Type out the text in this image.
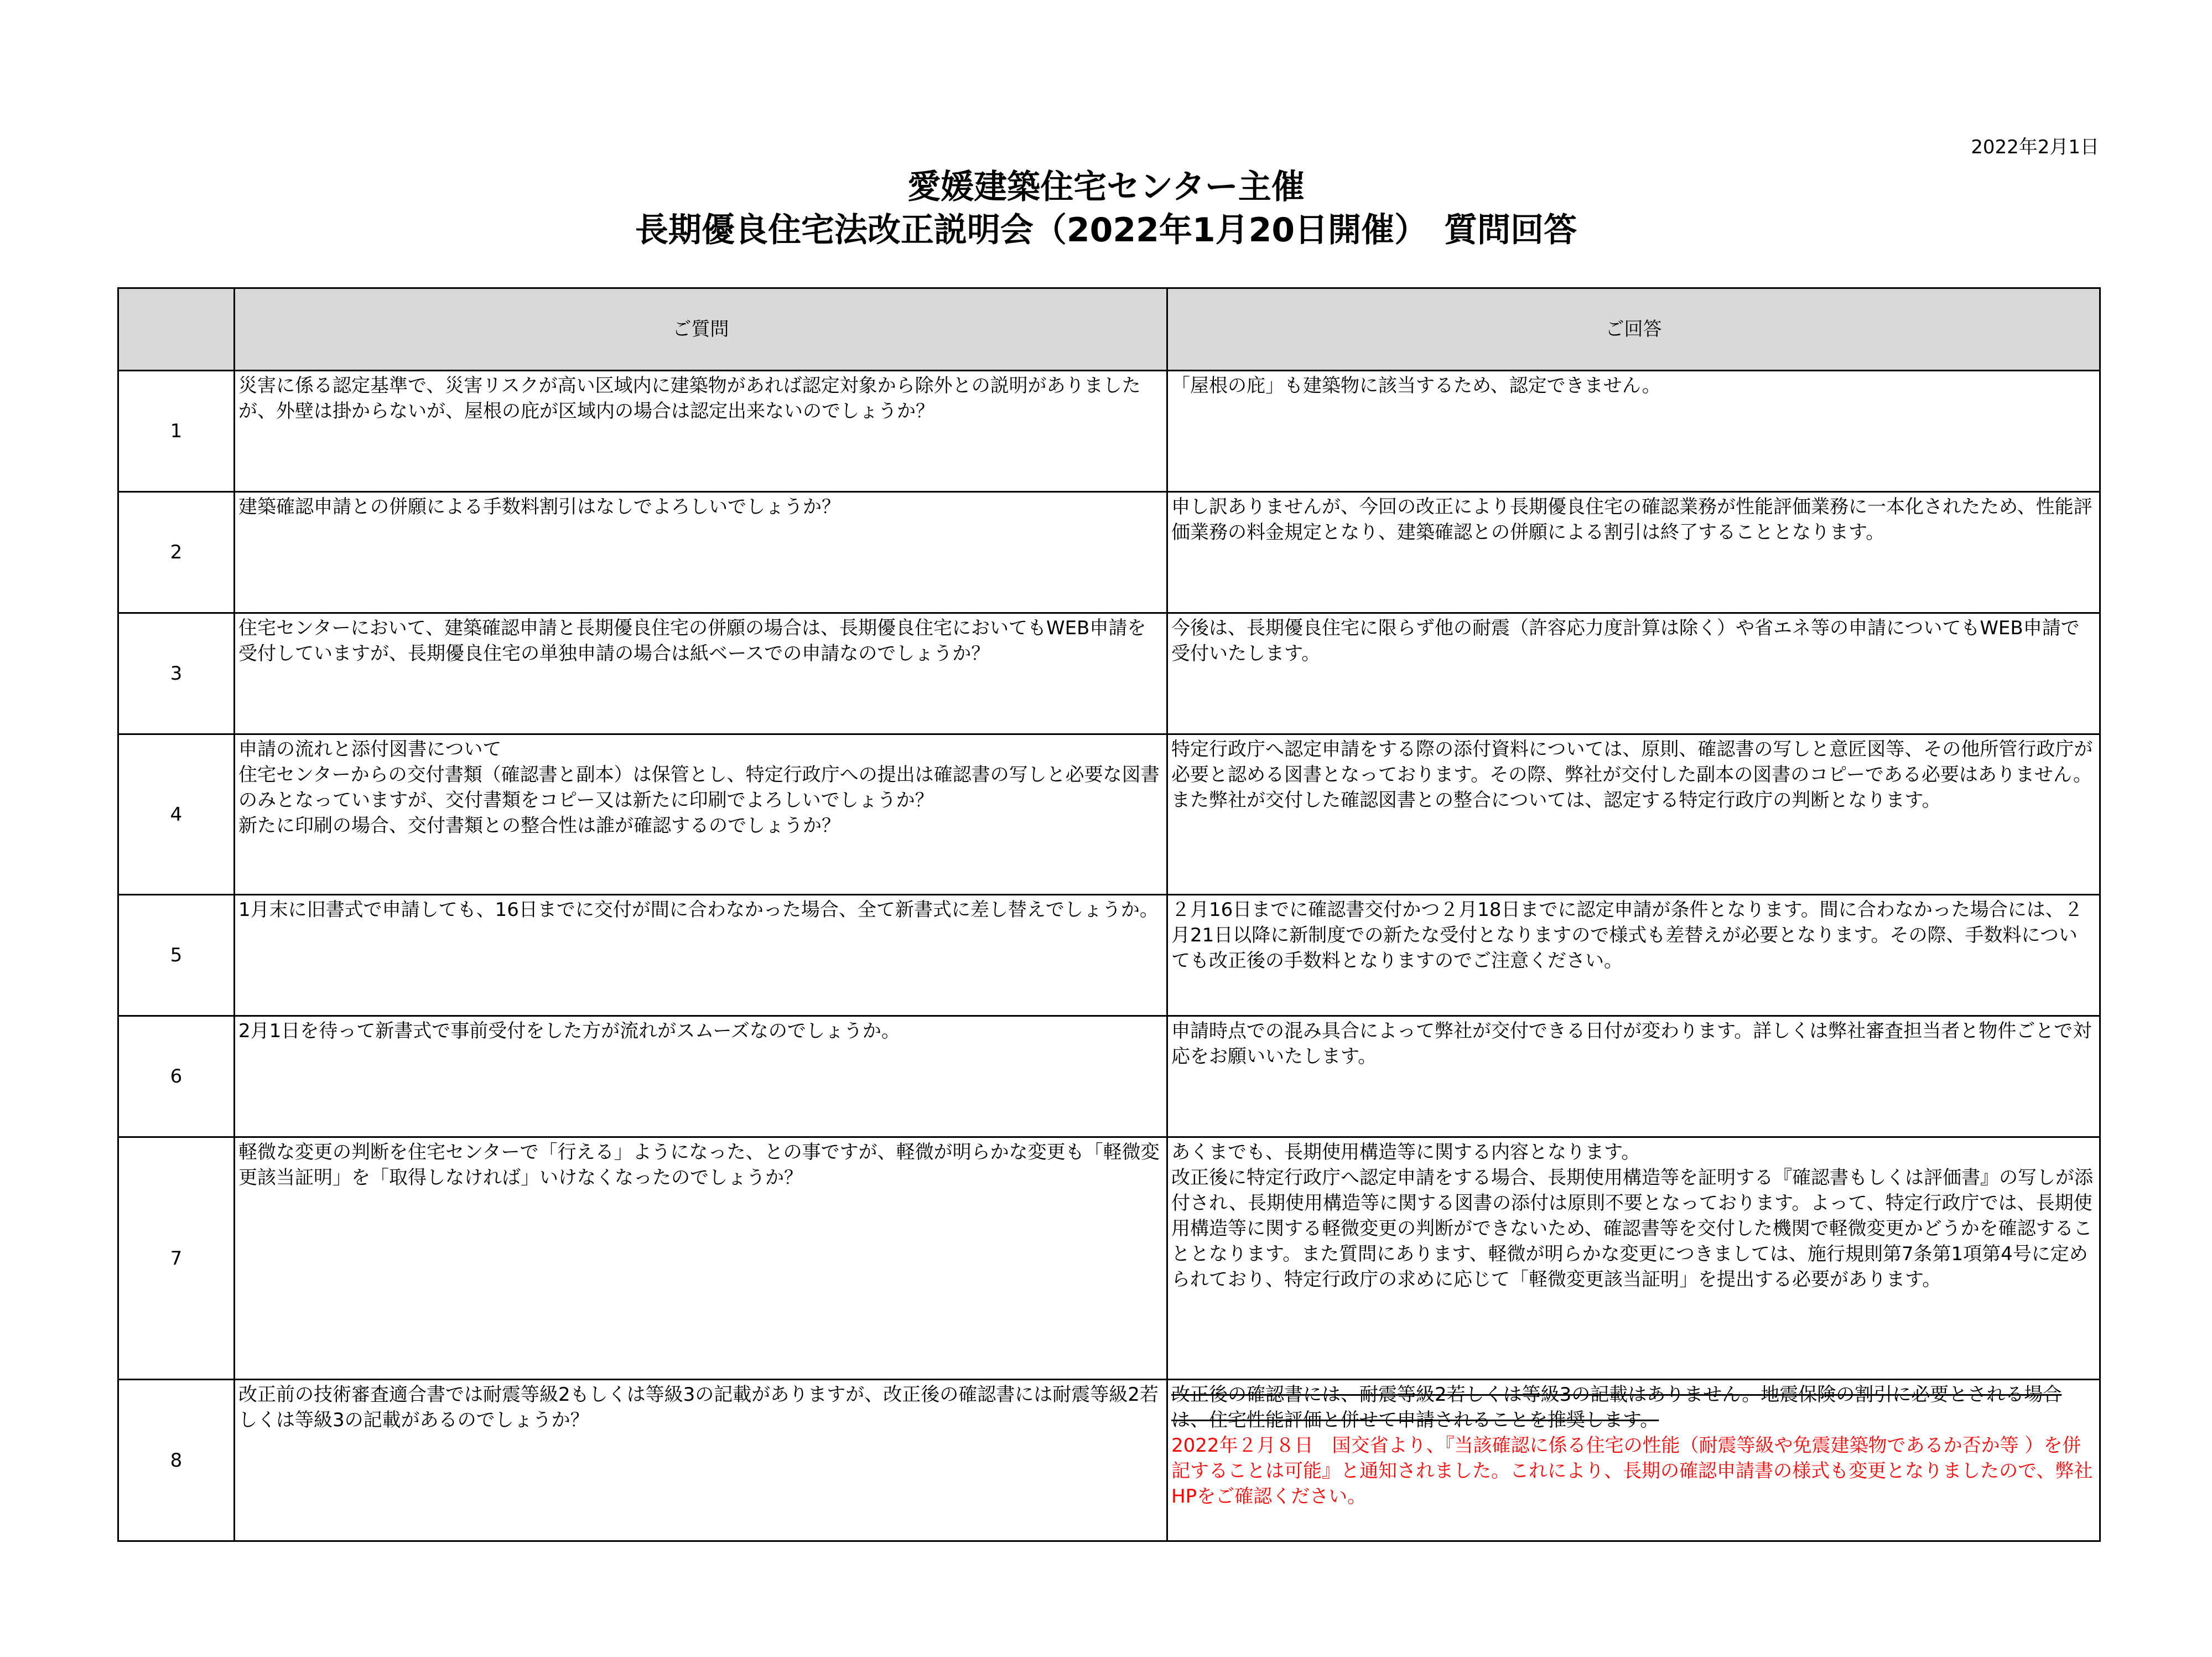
2022年2月1日
愛媛建築住宅センター主催
長期優良住宅法改正説明会（2022年1月20日開催）　質問回答
	ご質問	ご回答
1	災害に係る認定基準で、災害リスクが高い区域内に建築物があれば認定対象から除外との説明がありましたが、外壁は掛からないが、屋根の庇が区域内の場合は認定出来ないのでしょうか？	「屋根の庇」も建築物に該当するため、認定できません。
2	建築確認申請との併願による手数料割引はなしでよろしいでしょうか？	申し訳ありませんが、今回の改正により長期優良住宅の確認業務が性能評価業務に一本化されたため、性能評価業務の料金規定となり、建築確認との併願による割引は終了することとなります。
3	住宅センターにおいて、建築確認申請と長期優良住宅の併願の場合は、長期優良住宅においてもWEB申請を受付していますが、長期優良住宅の単独申請の場合は紙ベースでの申請なのでしょうか？	今後は、長期優良住宅に限らず他の耐震（許容応力度計算は除く）や省エネ等の申請についてもWEB申請で受付いたします。
4	申請の流れと添付図書について
住宅センターからの交付書類（確認書と副本）は保管とし、特定行政庁への提出は確認書の写しと必要な図書のみとなっていますが、交付書類をコピー又は新たに印刷でよろしいでしょうか？
新たに印刷の場合、交付書類との整合性は誰が確認するのでしょうか？	特定行政庁へ認定申請をする際の添付資料については、原則、確認書の写しと意匠図等、その他所管行政庁が必要と認める図書となっております。その際、弊社が交付した副本の図書のコピーである必要はありません。また弊社が交付した確認図書との整合については、認定する特定行政庁の判断となります。
5	1月末に旧書式で申請しても、16日までに交付が間に合わなかった場合、全て新書式に差し替えでしょうか。	２月16日までに確認書交付かつ２月18日までに認定申請が条件となります。間に合わなかった場合には、２月21日以降に新制度での新たな受付となりますので様式も差替えが必要となります。その際、手数料についても改正後の手数料となりますのでご注意ください。
6	2月1日を待って新書式で事前受付をした方が流れがスムーズなのでしょうか。	申請時点での混み具合によって弊社が交付できる日付が変わります。詳しくは弊社審査担当者と物件ごとで対応をお願いいたします。
7	軽微な変更の判断を住宅センターで「行える」ようになった、との事ですが、軽微が明らかな変更も「軽微変更該当証明」を「取得しなければ」いけなくなったのでしょうか？	あくまでも、長期使用構造等に関する内容となります。
改正後に特定行政庁へ認定申請をする場合、長期使用構造等を証明する『確認書もしくは評価書』の写しが添付され、長期使用構造等に関する図書の添付は原則不要となっております。よって、特定行政庁では、長期使用構造等に関する軽微変更の判断ができないため、確認書等を交付した機関で軽微変更かどうかを確認することとなります。また質問にあります、軽微が明らかな変更につきましては、施行規則第7条第1項第4号に定められており、特定行政庁の求めに応じて「軽微変更該当証明」を提出する必要があります。

8	改正前の技術審査適合書では耐震等級2もしくは等級3の記載がありますが、改正後の確認書には耐震等級2若しくは等級3の記載があるのでしょうか？	改正後の確認書には、耐震等級2若しくは等級3の記載はありません。地震保険の割引に必要とされる場合は、住宅性能評価と併せて申請されることを推奨します。
2022年２月８日　国交省より、『当該確認に係る住宅の性能（耐震等級や免震建築物であるか否か等 ）を併記することは可能』と通知されました。これにより、長期の確認申請書の様式も変更となりましたので、弊社HPをご確認ください。
